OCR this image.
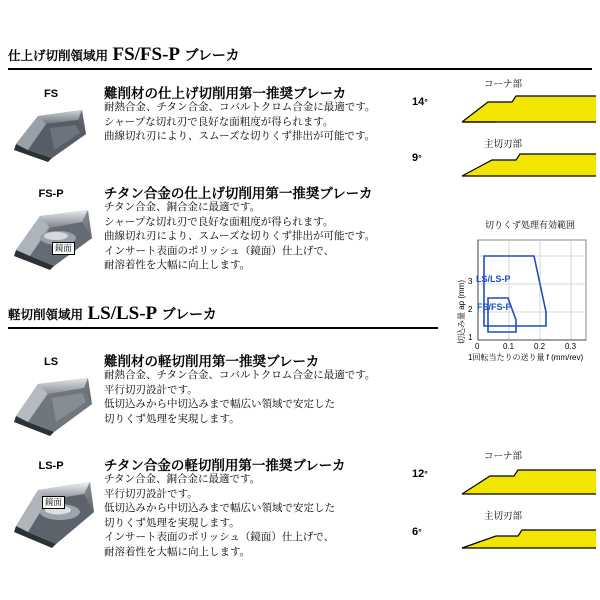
仕上げ切削領域用 FS/FS-P ブレーカ
FS	難削材の仕上げ切削用第一推奨ブレーカ
耐熱合金、チタン合金、コバルトクロム合金に最適です。
シャープな切れ刃で良好な面粗度が得られます。
曲線切れ刃により、スムーズな切りくず排出が可能です。
14°
コーナ部
9°
主切刃部
FS-P
鏡面
チタン合金の仕上げ切削用第一推奨ブレーカ
チタン合金、銅合金に最適です。
シャープな切れ刃で良好な面粗度が得られます。
曲線切れ刃により、スムーズな切りくず排出が可能です。
インサート表面のポリッシュ（鏡面）仕上げで、
耐溶着性を大幅に向上します。
切りくず処理有効範囲
1
2
3
0	0.1 0.2 0.3
切込み量 ap (mm)
1回転当たりの送り量 f (mm/rev)
LS/LS-P
FS/FS-P
軽切削領域用 LS/LS-P ブレーカ
LS	難削材の軽切削用第一推奨ブレーカ
耐熱合金、チタン合金、コバルトクロム合金に最適です。
平行切刃設計です。
低切込みから中切込みまで幅広い領域で安定した
切りくず処理を実現します。
LS-P
鏡面
チタン合金の軽切削用第一推奨ブレーカ
チタン合金、銅合金に最適です。
平行切刃設計です。
低切込みから中切込みまで幅広い領域で安定した
切りくず処理を実現します。
インサート表面のポリッシュ（鏡面）仕上げで、
耐溶着性を大幅に向上します。
12°
コーナ部
6°
主切刃部
